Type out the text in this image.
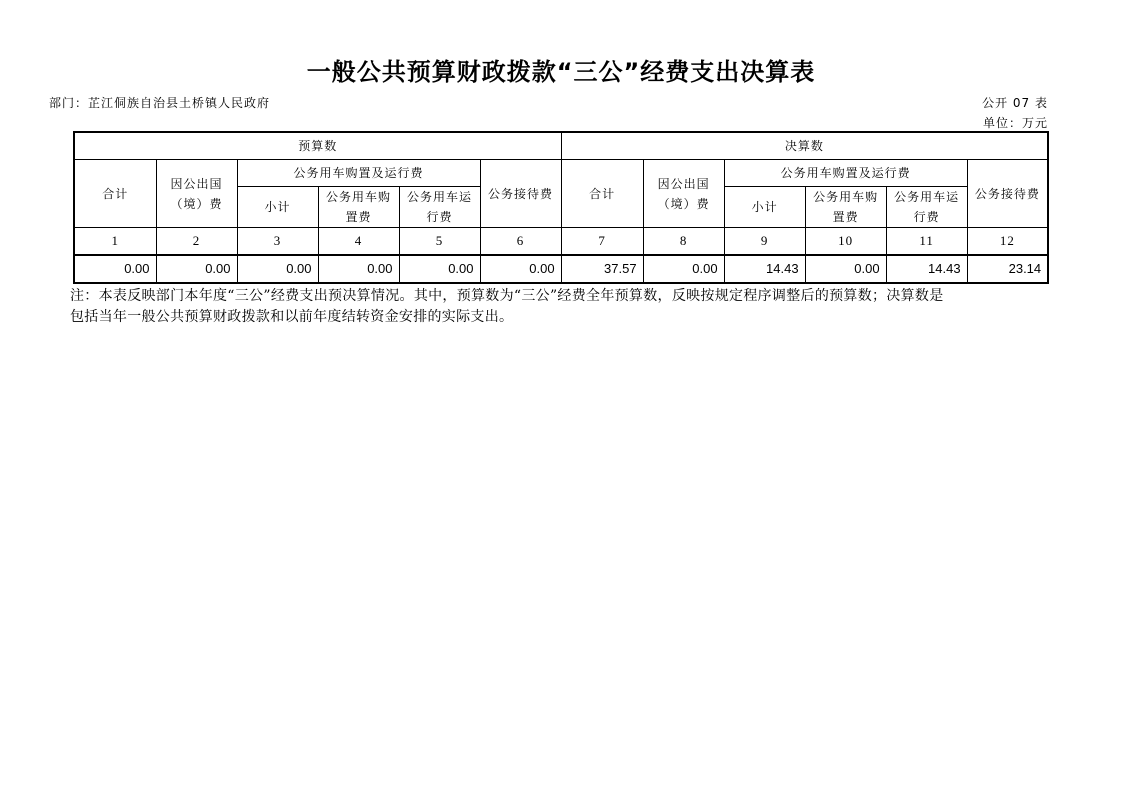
一般公共预算财政拨款“三公”经费支出决算表
部门：芷江侗族自治县土桥镇人民政府	公开 07 表
单位：万元
预算数						决算数					
合计	因公出国（境）费	公务用车购置及运行费			公务接待费	合计	因公出国（境）费	公务用车购置及运行费			公务接待费
		小计	公务用车购置费	公务用车运行费				小计	公务用车购置费	公务用车运行费	
1	2	3	4	5	6	7	8	9	10	11	12
0.00	0.00	0.00	0.00	0.00	0.00	37.57	0.00	14.43	0.00	14.43	23.14
注：本表反映部门本年度“三公”经费支出预决算情况。其中，预算数为“三公”经费全年预算数，反映按规定程序调整后的预算数；决算数是
包括当年一般公共预算财政拨款和以前年度结转资金安排的实际支出。
